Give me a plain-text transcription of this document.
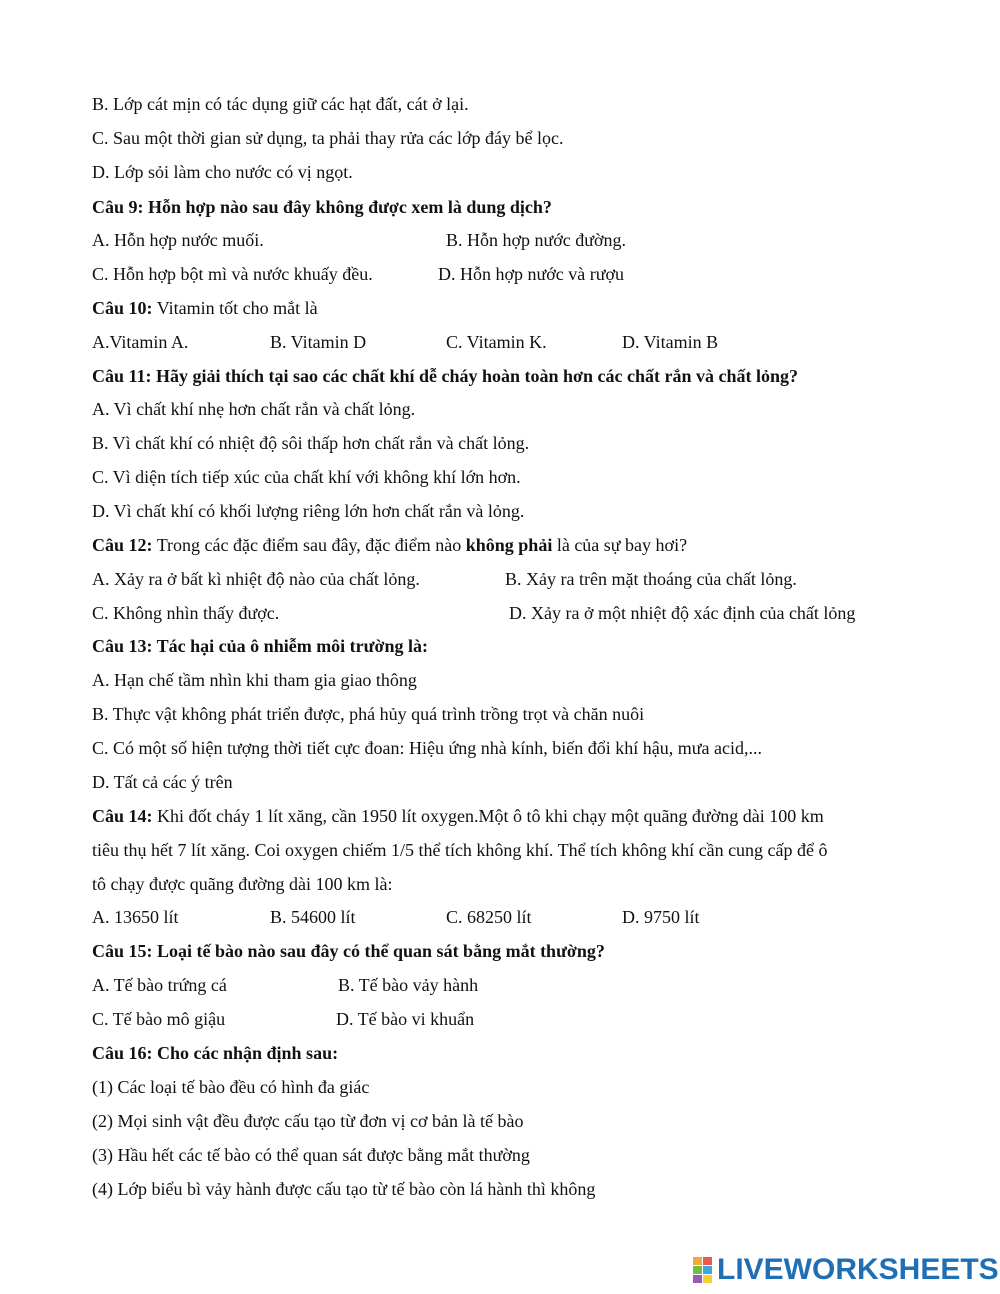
B. Lớp cát mịn có tác dụng giữ các hạt đất, cát ở lại.
C. Sau một thời gian sử dụng, ta phải thay rửa các lớp đáy bể lọc.
D. Lớp sỏi làm cho nước có vị ngọt.
Câu 9: Hỗn hợp nào sau đây không được xem là dung dịch?
A. Hỗn hợp nước muối.	B. Hỗn hợp nước đường.
C. Hỗn hợp bột mì và nước khuấy đều.	D. Hỗn hợp nước và rượu
Câu 10: Vitamin tốt cho mắt là
A.Vitamin A.	B. Vitamin D	C. Vitamin K.	D. Vitamin B
Câu 11: Hãy giải thích tại sao các chất khí dễ cháy hoàn toàn hơn các chất rắn và chất lỏng?
A. Vì chất khí nhẹ hơn chất rắn và chất lỏng.
B. Vì chất khí có nhiệt độ sôi thấp hơn chất rắn và chất lỏng.
C. Vì diện tích tiếp xúc của chất khí với không khí lớn hơn.
D. Vì chất khí có khối lượng riêng lớn hơn chất rắn và lỏng.
Câu 12: Trong các đặc điểm sau đây, đặc điểm nào không phải là của sự bay hơi?
A. Xảy ra ở bất kì nhiệt độ nào của chất lỏng.	B. Xảy ra trên mặt thoáng của chất lỏng.
C. Không nhìn thấy được.	D. Xảy ra ở một nhiệt độ xác định của chất lỏng
Câu 13: Tác hại của ô nhiễm môi trường là:
A. Hạn chế tầm nhìn khi tham gia giao thông
B. Thực vật không phát triển được, phá hủy quá trình trồng trọt và chăn nuôi
C. Có một số hiện tượng thời tiết cực đoan: Hiệu ứng nhà kính, biến đổi khí hậu, mưa acid,...
D. Tất cả các ý trên
Câu 14: Khi đốt cháy 1 lít xăng, cần 1950 lít oxygen.Một ô tô khi chạy một quãng đường dài 100 km
tiêu thụ hết 7 lít xăng. Coi oxygen chiếm 1/5 thể tích không khí. Thể tích không khí cần cung cấp để ô
tô chạy được quãng đường dài 100 km là:
A. 13650 lít	B. 54600 lít	C. 68250 lít	D. 9750 lít
Câu 15: Loại tế bào nào sau đây có thể quan sát bằng mắt thường?
A. Tế bào trứng cá	B. Tế bào vảy hành
C. Tế bào mô giậu	D. Tế bào vi khuẩn
Câu 16: Cho các nhận định sau:
(1) Các loại tế bào đều có hình đa giác
(2) Mọi sinh vật đều được cấu tạo từ đơn vị cơ bản là tế bào
(3) Hầu hết các tế bào có thể quan sát được bằng mắt thường
(4) Lớp biểu bì vảy hành được cấu tạo từ tế bào còn lá hành thì không
LIVEWORKSHEETS
